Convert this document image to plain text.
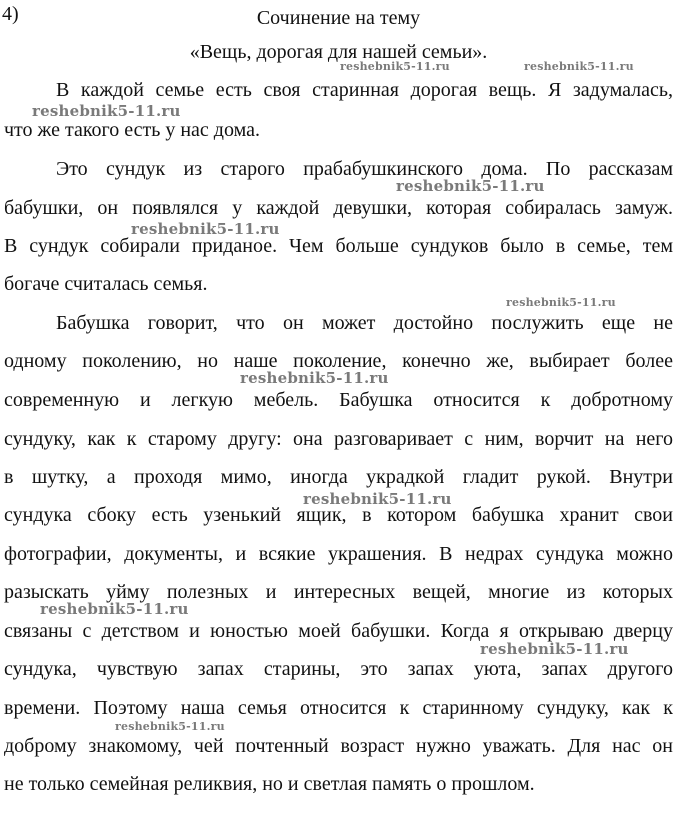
4)	Сочинение на тему
«Вещь, дорогая для нашей семьи».
В каждой семье есть своя старинная дорогая вещь. Я задумалась,
что же такого есть у нас дома.
Это сундук из старого прабабушкинского дома. По рассказам
бабушки, он появлялся у каждой девушки, которая собиралась замуж.
В сундук собирали приданое. Чем больше сундуков было в семье, тем
богаче считалась семья.
Бабушка говорит, что он может достойно послужить еще не
одному поколению, но наше поколение, конечно же, выбирает более
современную и легкую мебель. Бабушка относится к добротному
сундуку, как к старому другу: она разговаривает с ним, ворчит на него
в шутку, а проходя мимо, иногда украдкой гладит рукой. Внутри
сундука сбоку есть узенький ящик, в котором бабушка хранит свои
фотографии, документы, и всякие украшения. В недрах сундука можно
разыскать уйму полезных и интересных вещей, многие из которых
связаны с детством и юностью моей бабушки. Когда я открываю дверцу
сундука, чувствую запах старины, это запах уюта, запах другого
времени. Поэтому наша семья относится к старинному сундуку, как к
доброму знакомому, чей почтенный возраст нужно уважать. Для нас он
не только семейная реликвия, но и светлая память о прошлом.
reshebnik5-11.ru	reshebnik5-11.ru
reshebnik5-11.ru
reshebnik5-11.ru
reshebnik5-11.ru
reshebnik5-11.ru
reshebnik5-11.ru
reshebnik5-11.ru
reshebnik5-11.ru
reshebnik5-11.ru
reshebnik5-11.ru
